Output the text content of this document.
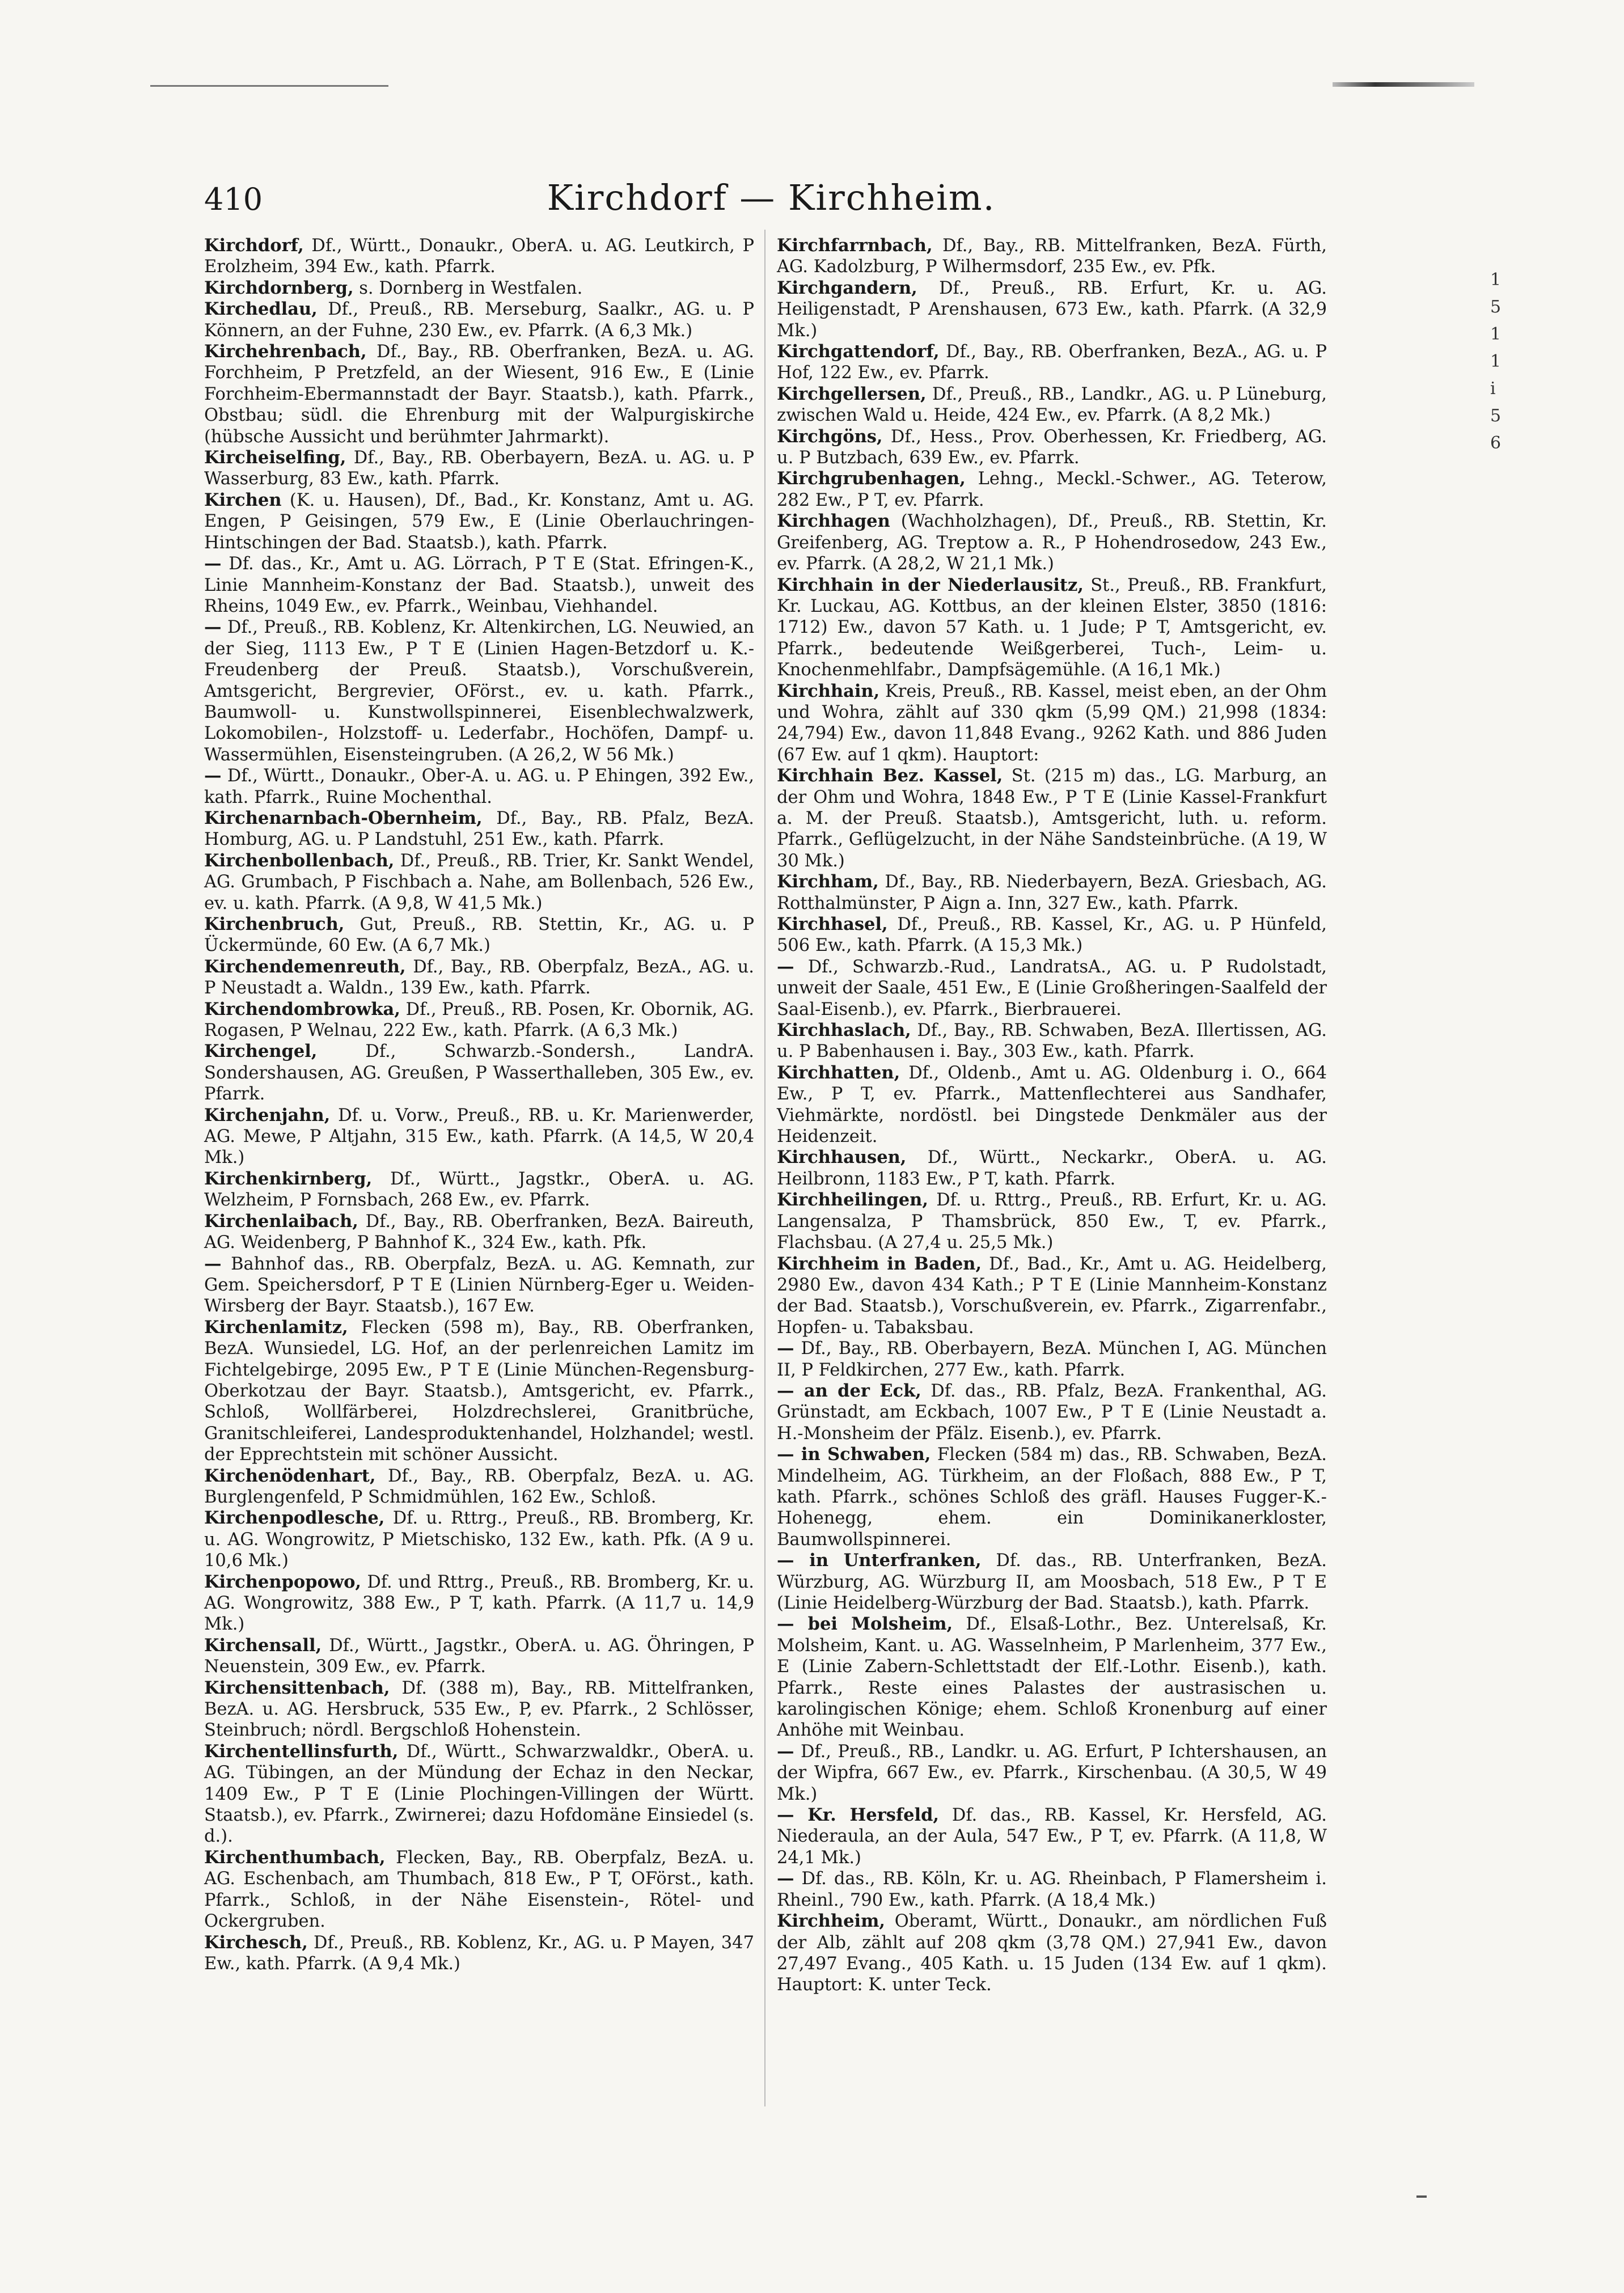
1 5 1 1 i 5 6
410	Kirchdorf — Kirchheim.

Kirchdorf, Df., Württ., Donaukr., OberA. u. AG. Leutkirch, P Erolzheim, 394 Ew., kath. Pfarrk.

Kirchdornberg, s. Dornberg in Westfalen.

Kirchedlau, Df., Preuß., RB. Merseburg, Saalkr., AG. u. P Könnern, an der Fuhne, 230 Ew., ev. Pfarrk. (A 6,3 Mk.)

Kirchehrenbach, Df., Bay., RB. Oberfranken, BezA. u. AG. Forchheim, P Pretzfeld, an der Wiesent, 916 Ew., E (Linie Forchheim-Ebermannstadt der Bayr. Staatsb.), kath. Pfarrk., Obstbau; südl. die Ehrenburg mit der Walpurgiskirche (hübsche Aussicht und berühmter Jahrmarkt).

Kircheiselfing, Df., Bay., RB. Oberbayern, BezA. u. AG. u. P Wasserburg, 83 Ew., kath. Pfarrk.

Kirchen (K. u. Hausen), Df., Bad., Kr. Konstanz, Amt u. AG. Engen, P Geisingen, 579 Ew., E (Linie Oberlauchringen-Hintschingen der Bad. Staatsb.), kath. Pfarrk.

— Df. das., Kr., Amt u. AG. Lörrach, P T E (Stat. Efringen-K., Linie Mannheim-Konstanz der Bad. Staatsb.), unweit des Rheins, 1049 Ew., ev. Pfarrk., Weinbau, Viehhandel.

— Df., Preuß., RB. Koblenz, Kr. Altenkirchen, LG. Neuwied, an der Sieg, 1113 Ew., P T E (Linien Hagen-Betzdorf u. K.-Freudenberg der Preuß. Staatsb.), Vorschußverein, Amtsgericht, Bergrevier, OFörst., ev. u. kath. Pfarrk., Baumwoll- u. Kunstwollspinnerei, Eisenblechwalzwerk, Lokomobilen-, Holzstoff- u. Lederfabr., Hochöfen, Dampf- u. Wassermühlen, Eisensteingruben. (A 26,2, W 56 Mk.)

— Df., Württ., Donaukr., Ober-A. u. AG. u. P Ehingen, 392 Ew., kath. Pfarrk., Ruine Mochenthal.

Kirchenarnbach-Obernheim, Df., Bay., RB. Pfalz, BezA. Homburg, AG. u. P Landstuhl, 251 Ew., kath. Pfarrk.

Kirchenbollenbach, Df., Preuß., RB. Trier, Kr. Sankt Wendel, AG. Grumbach, P Fischbach a. Nahe, am Bollenbach, 526 Ew., ev. u. kath. Pfarrk. (A 9,8, W 41,5 Mk.)

Kirchenbruch, Gut, Preuß., RB. Stettin, Kr., AG. u. P Ückermünde, 60 Ew. (A 6,7 Mk.)

Kirchendemenreuth, Df., Bay., RB. Oberpfalz, BezA., AG. u. P Neustadt a. Waldn., 139 Ew., kath. Pfarrk.

Kirchendombrowka, Df., Preuß., RB. Posen, Kr. Obornik, AG. Rogasen, P Welnau, 222 Ew., kath. Pfarrk. (A 6,3 Mk.)

Kirchengel,	Df., Schwarzb.-Sondersh., LandrA. Sondershausen, AG. Greußen, P Wasserthalleben, 305 Ew., ev. Pfarrk.

Kirchenjahn, Df. u. Vorw., Preuß., RB. u. Kr. Marienwerder, AG. Mewe, P Altjahn, 315 Ew., kath. Pfarrk. (A 14,5, W 20,4 Mk.)

Kirchenkirnberg, Df., Württ., Jagstkr., OberA. u. AG. Welzheim, P Fornsbach, 268 Ew., ev. Pfarrk.

Kirchenlaibach, Df., Bay., RB. Oberfranken, BezA. Baireuth, AG. Weidenberg, P Bahnhof K., 324 Ew., kath. Pfk.

— Bahnhof das., RB. Oberpfalz, BezA. u. AG. Kemnath, zur Gem. Speichersdorf, P T E (Linien Nürnberg-Eger u. Weiden-Wirsberg der Bayr. Staatsb.), 167 Ew.

Kirchenlamitz, Flecken (598 m), Bay., RB. Oberfranken, BezA. Wunsiedel, LG. Hof, an der perlenreichen Lamitz im Fichtelgebirge, 2095 Ew., P T E (Linie München-Regensburg-Oberkotzau der Bayr. Staatsb.), Amtsgericht, ev. Pfarrk., Schloß, Wollfärberei, Holzdrechslerei, Granitbrüche, Granitschleiferei, Landesproduktenhandel, Holzhandel; westl. der Epprechtstein mit schöner Aussicht.

Kirchenödenhart, Df., Bay., RB. Oberpfalz, BezA. u. AG. Burglengenfeld, P Schmidmühlen, 162 Ew., Schloß.

Kirchenpodlesche, Df. u. Rttrg., Preuß., RB. Bromberg, Kr. u. AG. Wongrowitz, P Mietschisko, 132 Ew., kath. Pfk. (A 9 u. 10,6 Mk.)

Kirchenpopowo, Df. und Rttrg., Preuß., RB. Bromberg, Kr. u. AG. Wongrowitz, 388 Ew., P T, kath. Pfarrk. (A 11,7 u. 14,9 Mk.)

Kirchensall, Df., Württ., Jagstkr., OberA. u. AG. Öhringen, P Neuenstein, 309 Ew., ev. Pfarrk.

Kirchensittenbach, Df. (388 m), Bay., RB. Mittelfranken, BezA. u. AG. Hersbruck, 535 Ew., P, ev. Pfarrk., 2 Schlösser, Steinbruch; nördl. Bergschloß Hohenstein.

Kirchentellinsfurth, Df., Württ., Schwarzwaldkr., OberA. u. AG. Tübingen, an der Mündung der Echaz in den Neckar, 1409 Ew., P T E (Linie Plochingen-Villingen der Württ. Staatsb.), ev. Pfarrk., Zwirnerei; dazu Hofdomäne Einsiedel (s. d.).

Kirchenthumbach, Flecken, Bay., RB. Oberpfalz, BezA. u. AG. Eschenbach, am Thumbach, 818 Ew., P T, OFörst., kath. Pfarrk., Schloß, in der Nähe Eisenstein-, Rötel- und Ockergruben.

Kirchesch, Df., Preuß., RB. Koblenz, Kr., AG. u. P Mayen, 347 Ew., kath. Pfarrk. (A 9,4 Mk.)

Kirchfarrnbach, Df., Bay., RB. Mittelfranken, BezA. Fürth, AG. Kadolzburg, P Wilhermsdorf, 235 Ew., ev. Pfk.

Kirchgandern, Df., Preuß., RB. Erfurt, Kr. u. AG. Heiligenstadt, P Arenshausen, 673 Ew., kath. Pfarrk. (A 32,9 Mk.)

Kirchgattendorf, Df., Bay., RB. Oberfranken, BezA., AG. u. P Hof, 122 Ew., ev. Pfarrk.

Kirchgellersen, Df., Preuß., RB., Landkr., AG. u. P Lüneburg, zwischen Wald u. Heide, 424 Ew., ev. Pfarrk. (A 8,2 Mk.)

Kirchgöns, Df., Hess., Prov. Oberhessen, Kr. Friedberg, AG. u. P Butzbach, 639 Ew., ev. Pfarrk.

Kirchgrubenhagen, Lehng., Meckl.-Schwer., AG. Teterow, 282 Ew., P T, ev. Pfarrk.

Kirchhagen (Wachholzhagen), Df., Preuß., RB. Stettin, Kr. Greifenberg, AG. Treptow a. R., P Hohendrosedow, 243 Ew., ev. Pfarrk. (A 28,2, W 21,1 Mk.)

Kirchhain in der Niederlausitz, St., Preuß., RB. Frankfurt, Kr. Luckau, AG. Kottbus, an der kleinen Elster, 3850 (1816: 1712) Ew., davon 57 Kath. u. 1 Jude; P T, Amtsgericht, ev. Pfarrk., bedeutende Weißgerberei, Tuch-, Leim- u. Knochenmehlfabr., Dampfsägemühle. (A 16,1 Mk.)

Kirchhain, Kreis, Preuß., RB. Kassel, meist eben, an der Ohm und Wohra, zählt auf 330 qkm (5,99 QM.) 21,998 (1834: 24,794) Ew., davon 11,848 Evang., 9262 Kath. und 886 Juden (67 Ew. auf 1 qkm). Hauptort:

Kirchhain Bez. Kassel, St. (215 m) das., LG. Marburg, an der Ohm und Wohra, 1848 Ew., P T E (Linie Kassel-Frankfurt a. M. der Preuß. Staatsb.), Amtsgericht, luth. u. reform. Pfarrk., Geflügelzucht, in der Nähe Sandsteinbrüche. (A 19, W 30 Mk.)

Kirchham, Df., Bay., RB. Niederbayern, BezA. Griesbach, AG. Rotthalmünster, P Aign a. Inn, 327 Ew., kath. Pfarrk.

Kirchhasel, Df., Preuß., RB. Kassel, Kr., AG. u. P Hünfeld, 506 Ew., kath. Pfarrk. (A 15,3 Mk.)

— Df., Schwarzb.-Rud., LandratsA., AG. u. P Rudolstadt, unweit der Saale, 451 Ew., E (Linie Großheringen-Saalfeld der Saal-Eisenb.), ev. Pfarrk., Bierbrauerei.

Kirchhaslach, Df., Bay., RB. Schwaben, BezA. Illertissen, AG. u. P Babenhausen i. Bay., 303 Ew., kath. Pfarrk.

Kirchhatten, Df., Oldenb., Amt u. AG. Oldenburg i. O., 664 Ew., P T, ev. Pfarrk., Mattenflechterei aus Sandhafer, Viehmärkte, nordöstl. bei Dingstede Denkmäler aus der Heidenzeit.

Kirchhausen, Df., Württ., Neckarkr., OberA. u. AG. Heilbronn, 1183 Ew., P T, kath. Pfarrk.

Kirchheilingen, Df. u. Rttrg., Preuß., RB. Erfurt, Kr. u. AG. Langensalza, P Thamsbrück, 850 Ew., T, ev. Pfarrk., Flachsbau. (A 27,4 u. 25,5 Mk.)

Kirchheim in Baden, Df., Bad., Kr., Amt u. AG. Heidelberg, 2980 Ew., davon 434 Kath.; P T E (Linie Mannheim-Konstanz der Bad. Staatsb.), Vorschußverein, ev. Pfarrk., Zigarrenfabr., Hopfen- u. Tabaksbau.

— Df., Bay., RB. Oberbayern, BezA. München I, AG. München II, P Feldkirchen, 277 Ew., kath. Pfarrk.

— an der Eck, Df. das., RB. Pfalz, BezA. Frankenthal, AG. Grünstadt, am Eckbach, 1007 Ew., P T E (Linie Neustadt a. H.-Monsheim der Pfälz. Eisenb.), ev. Pfarrk.

— in Schwaben, Flecken (584 m) das., RB. Schwaben, BezA. Mindelheim, AG. Türkheim, an der Floßach, 888 Ew., P T, kath. Pfarrk., schönes Schloß des gräfl. Hauses Fugger-K.-Hohenegg, ehem. ein Dominikanerkloster, Baumwollspinnerei.

— in Unterfranken, Df. das., RB. Unterfranken, BezA. Würzburg, AG. Würzburg II, am Moosbach, 518 Ew., P T E (Linie Heidelberg-Würzburg der Bad. Staatsb.), kath. Pfarrk.

— bei Molsheim, Df., Elsaß-Lothr., Bez. Unterelsaß, Kr. Molsheim, Kant. u. AG. Wasselnheim, P Marlenheim, 377 Ew., E (Linie Zabern-Schlettstadt der Elf.-Lothr. Eisenb.), kath. Pfarrk., Reste eines Palastes der austrasischen u. karolingischen Könige; ehem. Schloß Kronenburg auf einer Anhöhe mit Weinbau.

— Df., Preuß., RB., Landkr. u. AG. Erfurt, P Ichtershausen, an der Wipfra, 667 Ew., ev. Pfarrk., Kirschenbau. (A 30,5, W 49 Mk.)

— Kr. Hersfeld, Df. das., RB. Kassel, Kr. Hersfeld, AG. Niederaula, an der Aula, 547 Ew., P T, ev. Pfarrk. (A 11,8, W 24,1 Mk.)

— Df. das., RB. Köln, Kr. u. AG. Rheinbach, P Flamersheim i. Rheinl., 790 Ew., kath. Pfarrk. (A 18,4 Mk.)

Kirchheim, Oberamt, Württ., Donaukr., am nördlichen Fuß der Alb, zählt auf 208 qkm (3,78 QM.) 27,941 Ew., davon 27,497 Evang., 405 Kath. u. 15 Juden (134 Ew. auf 1 qkm). Hauptort: K. unter Teck.
